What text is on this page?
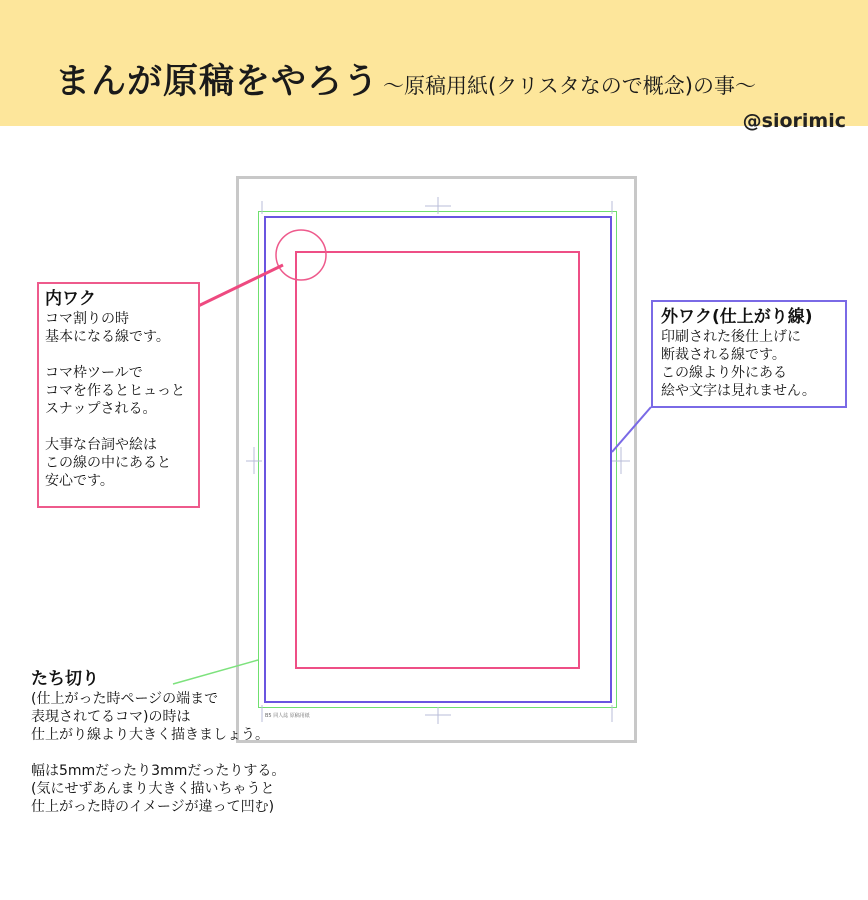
まんが原稿をやろう 〜原稿用紙(クリスタなので概念)の事〜
@siorimic
B5 同人誌 原稿用紙
内ワク
コマ割りの時
基本になる線です。
コマ枠ツールで
コマを作るとヒュっと
スナップされる。
大事な台詞や絵は
この線の中にあると
安心です。
外ワク(仕上がり線)
印刷された後仕上げに
断裁される線です。
この線より外にある
絵や文字は見れません。
たち切り
(仕上がった時ページの端まで
表現されてるコマ)の時は
仕上がり線より大きく描きましょう。
幅は5mmだったり3mmだったりする。
(気にせずあんまり大きく描いちゃうと
仕上がった時のイメージが違って凹む)
